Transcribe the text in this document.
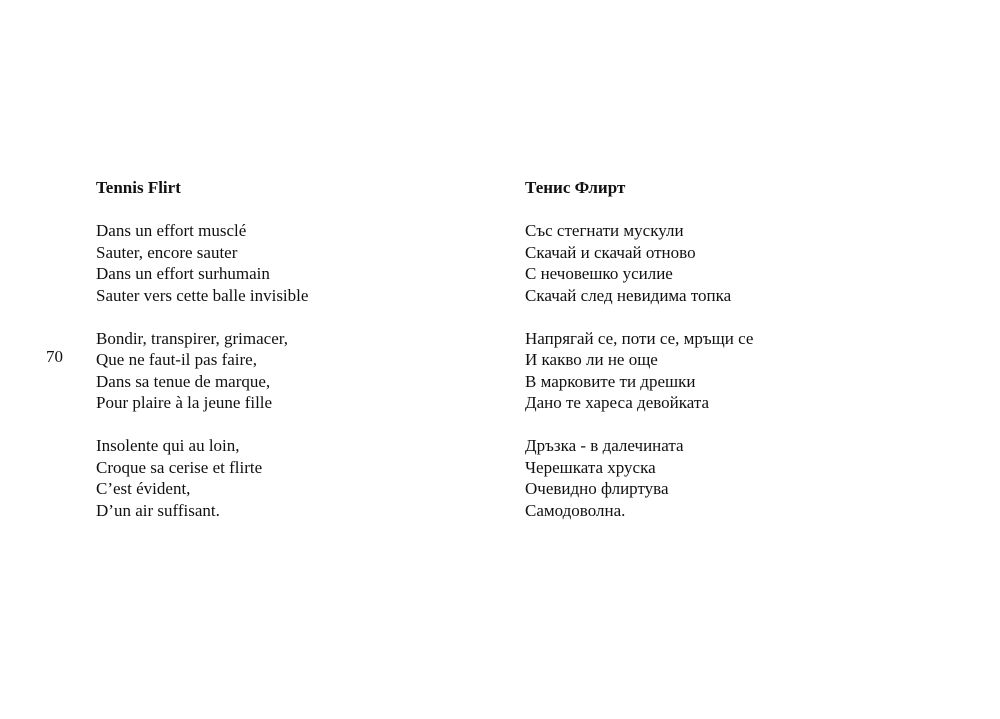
70
Tennis Flirt
Dans un effort musclé
Sauter, encore sauter
Dans un effort surhumain
Sauter vers cette balle invisible
Bondir, transpirer, grimacer,
Que ne faut-il pas faire,
Dans sa tenue de marque,
Pour plaire à la jeune fille
Insolente qui au loin,
Croque sa cerise et flirte
C’est évident,
D’un air suffisant.
Тенис Флирт
Със стегнати мускули
Скачай и скачай отново
С нечовешко усилие
Скачай след невидима топка
Напрягай се, поти се, мръщи се
И какво ли не още
В марковите ти дрешки
Дано те хареса девойката
Дръзка - в далечината
Черешката хруска
Очевидно флиртува
Самодоволна.
